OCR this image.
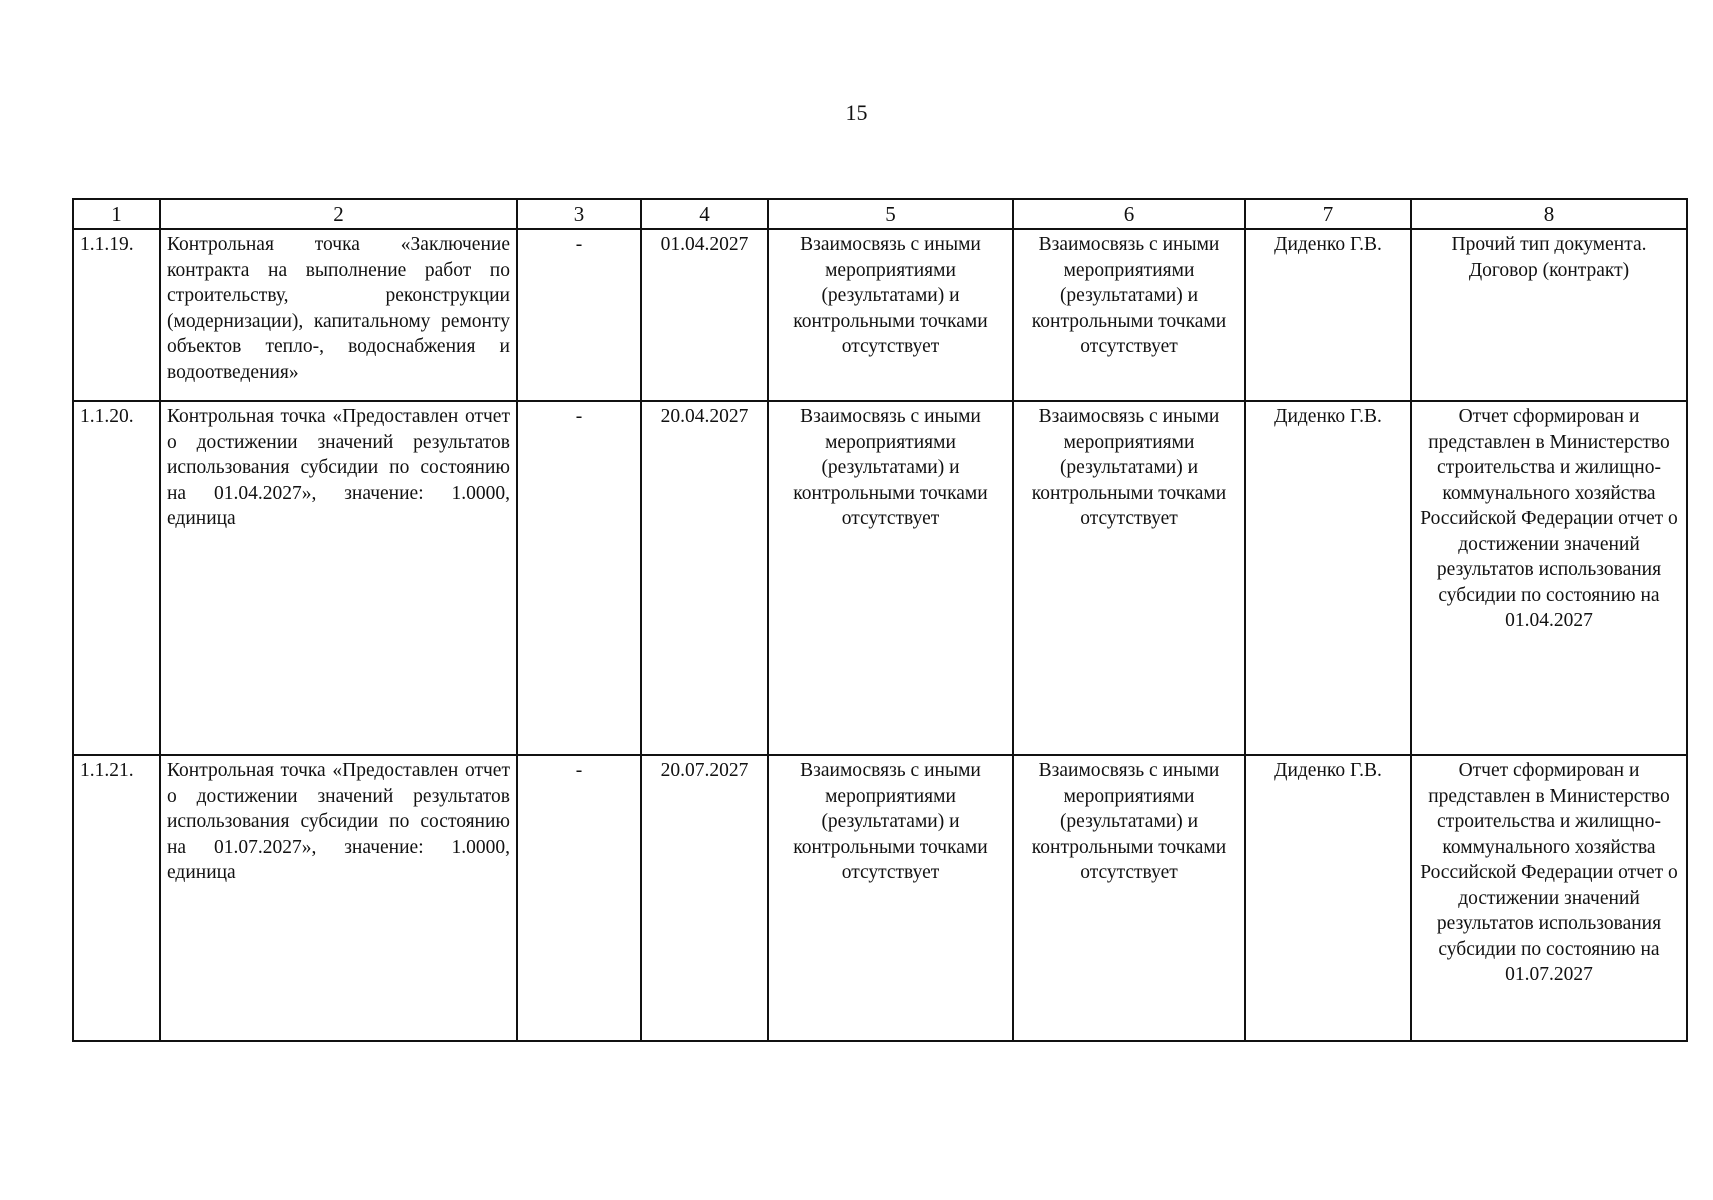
15
1	2	3	4	5	6	7	8
1.1.19.	Контрольная точка «Заключение контракта на выполнение работ по строительству, реконструкции (модернизации), капитальному ремонту объектов тепло-, водоснабжения и водоотведения»	-	01.04.2027	Взаимосвязь с иными мероприятиями (результатами) и контрольными точками отсутствует	Взаимосвязь с иными мероприятиями (результатами) и контрольными точками отсутствует	Диденко Г.В.	Прочий тип документа. Договор (контракт)
1.1.20.	Контрольная точка «Предоставлен отчет о достижении значений результатов использования субсидии по состоянию на 01.04.2027», значение: 1.0000, единица	-	20.04.2027	Взаимосвязь с иными мероприятиями (результатами) и контрольными точками отсутствует	Взаимосвязь с иными мероприятиями (результатами) и контрольными точками отсутствует	Диденко Г.В.	Отчет сформирован и представлен в Министерство строительства и жилищно-коммунального хозяйства Российской Федерации отчет о достижении значений результатов использования субсидии по состоянию на 01.04.2027
1.1.21.	Контрольная точка «Предоставлен отчет о достижении значений результатов использования субсидии по состоянию на 01.07.2027», значение: 1.0000, единица	-	20.07.2027	Взаимосвязь с иными мероприятиями (результатами) и контрольными точками отсутствует	Взаимосвязь с иными мероприятиями (результатами) и контрольными точками отсутствует	Диденко Г.В.	Отчет сформирован и представлен в Министерство строительства и жилищно-коммунального хозяйства Российской Федерации отчет о достижении значений результатов использования субсидии по состоянию на 01.07.2027
